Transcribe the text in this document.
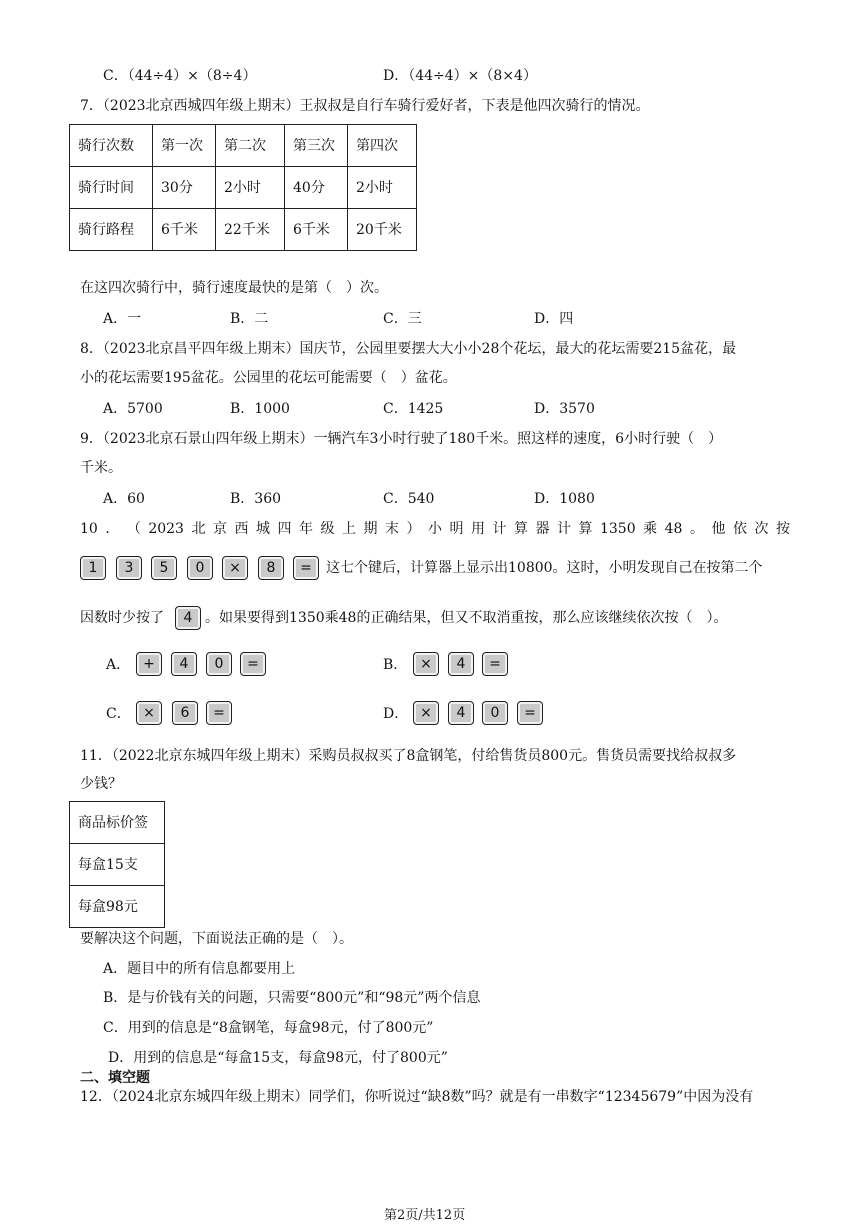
C．（44÷4）×（8÷4）	D．（44÷4）×（8×4）
7．（2023北京西城四年级上期末）王叔叔是自行车骑行爱好者，下表是他四次骑行的情况。
骑行次数	第一次	第二次	第三次	第四次
骑行时间	30分	2小时	40分	2小时
骑行路程	6千米	22千米	6千米	20千米
在这四次骑行中，骑行速度最快的是第（　）次。
A．一	B．二	C．三	D．四
8．（2023北京昌平四年级上期末）国庆节，公园里要摆大大小小28个花坛，最大的花坛需要215盆花，最
小的花坛需要195盆花。公园里的花坛可能需要（　）盆花。
A．5700	B．1000	C．1425	D．3570
9．（2023北京石景山四年级上期末）一辆汽车3小时行驶了180千米。照这样的速度，6小时行驶（　）
千米。
A．60	B．360	C．540	D．1080
10 ． （ 2023 北 京 西 城 四 年 级 上 期 末 ） 小 明 用 计 算 器 计 算 1350 乘 48 。 他 依 次 按
1	3	5	0	×	8	=	这七个键后，计算器上显示出10800。这时，小明发现自己在按第二个
因数时少按了	4 。如果要得到1350乘48的正确结果，但又不取消重按，那么应该继续依次按（　）。
A． +	4	0	=	B． ×	4	=
C． ×	6	=	D． ×	4	0	=
11．（2022北京东城四年级上期末）采购员叔叔买了8盒钢笔，付给售货员800元。售货员需要找给叔叔多
少钱？
商品标价签
每盒15支
每盒98元
要解决这个问题，下面说法正确的是（　）。
A．题目中的所有信息都要用上
B．是与价钱有关的问题，只需要“800元”和“98元”两个信息
C．用到的信息是“8盒钢笔，每盒98元，付了800元”
D．用到的信息是“每盒15支，每盒98元，付了800元”
二、填空题
12．（2024北京东城四年级上期末）同学们，你听说过“缺8数”吗？就是有一串数字“12345679”中因为没有
第2页/共12页
